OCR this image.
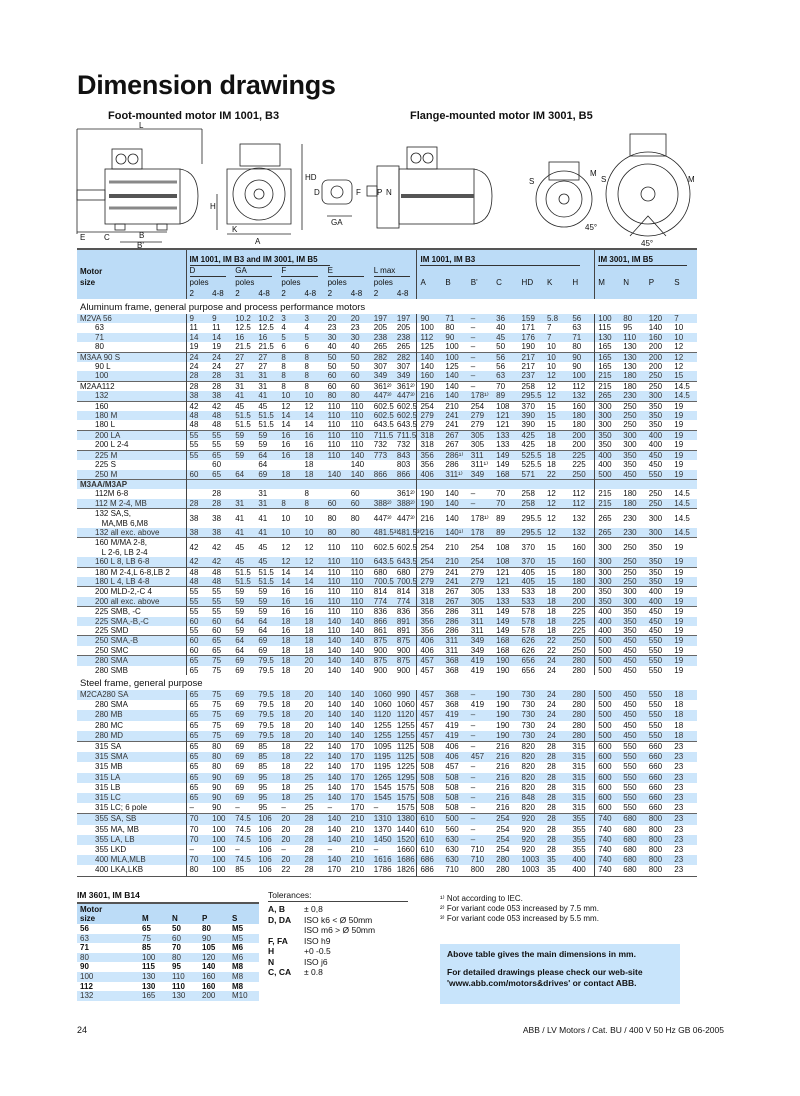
Dimension drawings
Foot-mounted motor IM 1001, B3	Flange-mounted motor IM 3001, B5
L
HD
H
E C	B
B'
K
A
D	F
GA
P N
S
M
45°
S	M
45°
	IM 1001, IM B3 and IM 3001, IM B5										IM 1001, IM B3							IM 3001, IM B5			
Motor	D		GA		F		E		L max												
size	poles		poles		poles		poles		poles		A	B	B'	C	HD	K	H	M	N	P	S
	2	4-8	2	4-8	2	4-8	2	4-8	2	4-8											
Aluminum frame, general purpose and process performance motors																					
M2VA 56	9	9	10.2	10.2	3	3	20	20	197	197	90	71	–	36	159	5.8	56	100	80	120	7
63	11	11	12.5	12.5	4	4	23	23	205	205	100	80	–	40	171	7	63	115	95	140	10
71	14	14	16	16	5	5	30	30	238	238	112	90	–	45	176	7	71	130	110	160	10
80	19	19	21.5	21.5	6	6	40	40	265	265	125	100	–	50	190	10	80	165	130	200	12
M3AA 90 S	24	24	27	27	8	8	50	50	282	282	140	100	–	56	217	10	90	165	130	200	12
90 L	24	24	27	27	8	8	50	50	307	307	140	125	–	56	217	10	90	165	130	200	12
100	28	28	31	31	8	8	60	60	349	349	160	140	–	63	237	12	100	215	180	250	15
M2AA112	28	28	31	31	8	8	60	60	361²⁾	361²⁾	190	140	–	70	258	12	112	215	180	250	14.5
132	38	38	41	41	10	10	80	80	447³⁾	447³⁾	216	140	178¹⁾	89	295.5	12	132	265	230	300	14.5
160	42	42	45	45	12	12	110	110	602.5	602.5	254	210	254	108	370	15	160	300	250	350	19
180 M	48	48	51.5	51.5	14	14	110	110	602.5	602.5	279	241	279	121	390	15	180	300	250	350	19
180 L	48	48	51.5	51.5	14	14	110	110	643.5	643.5	279	241	279	121	390	15	180	300	250	350	19
200 LA	55	55	59	59	16	16	110	110	711.5	711.5	318	267	305	133	425	18	200	350	300	400	19
200 L 2-4	55	55	59	59	16	16	110	110	732	732	318	267	305	133	425	18	200	350	300	400	19
225 M	55	65	59	64	16	18	110	140	773	843	356	286¹⁾	311	149	525.5	18	225	400	350	450	19
225 S		60		64		18		140		803	356	286	311¹⁾	149	525.5	18	225	400	350	450	19
250 M	60	65	64	69	18	18	140	140	866	866	406	311¹⁾	349	168	571	22	250	500	450	550	19
M3AA/M3AP																					
112M 6-8		28		31		8		60		361²⁾	190	140	–	70	258	12	112	215	180	250	14.5
112 M 2-4, MB	28	28	31	31	8	8	60	60	388²⁾	388²⁾	190	140	–	70	258	12	112	215	180	250	14.5
132 SA,S,
MA,MB 6,M8	38	38	41	41	10	10	80	80	447³⁾	447³⁾	216	140	178¹⁾	89	295.5	12	132	265	230	300	14.5
132 all exc. above	38	38	41	41	10	10	80	80	481.5³⁾	481.5³⁾	216	140¹⁾	178	89	295.5	12	132	265	230	300	14.5
160 M/MA 2-8,
L 2-6, LB 2-4	42	42	45	45	12	12	110	110	602.5	602.5	254	210	254	108	370	15	160	300	250	350	19
160 L 8, LB 6-8	42	42	45	45	12	12	110	110	643.5	643.5	254	210	254	108	370	15	160	300	250	350	19
180 M 2-4,L 6-8,LB 2	48	48	51.5	51.5	14	14	110	110	680	680	279	241	279	121	405	15	180	300	250	350	19
180 L 4, LB 4-8	48	48	51.5	51.5	14	14	110	110	700.5	700.5	279	241	279	121	405	15	180	300	250	350	19
200 MLD-2,-C 4	55	55	59	59	16	16	110	110	814	814	318	267	305	133	533	18	200	350	300	400	19
200 all exc. above	55	55	59	59	16	16	110	110	774	774	318	267	305	133	533	18	200	350	300	400	19
225 SMB, -C	55	55	59	59	16	16	110	110	836	836	356	286	311	149	578	18	225	400	350	450	19
225 SMA,-B,-C	60	60	64	64	18	18	140	140	866	891	356	286	311	149	578	18	225	400	350	450	19
225 SMD	55	60	59	64	16	18	110	140	861	891	356	286	311	149	578	18	225	400	350	450	19
250 SMA,-B	60	65	64	69	18	18	140	140	875	875	406	311	349	168	626	22	250	500	450	550	19
250 SMC	60	65	64	69	18	18	140	140	900	900	406	311	349	168	626	22	250	500	450	550	19
280 SMA	65	75	69	79.5	18	20	140	140	875	875	457	368	419	190	656	24	280	500	450	550	19
280 SMB	65	75	69	79.5	18	20	140	140	900	900	457	368	419	190	656	24	280	500	450	550	19
Steel frame, general purpose																					
M2CA280 SA	65	75	69	79.5	18	20	140	140	1060	990	457	368	–	190	730	24	280	500	450	550	18
280 SMA	65	75	69	79.5	18	20	140	140	1060	1060	457	368	419	190	730	24	280	500	450	550	18
280 MB	65	75	69	79.5	18	20	140	140	1120	1120	457	419	–	190	730	24	280	500	450	550	18
280 MC	65	75	69	79.5	18	20	140	140	1255	1255	457	419	–	190	730	24	280	500	450	550	18
280 MD	65	75	69	79.5	18	20	140	140	1255	1255	457	419	–	190	730	24	280	500	450	550	18
315 SA	65	80	69	85	18	22	140	170	1095	1125	508	406	–	216	820	28	315	600	550	660	23
315 SMA	65	80	69	85	18	22	140	170	1195	1125	508	406	457	216	820	28	315	600	550	660	23
315 MB	65	80	69	85	18	22	140	170	1195	1225	508	457	–	216	820	28	315	600	550	660	23
315 LA	65	90	69	95	18	25	140	170	1265	1295	508	508	–	216	820	28	315	600	550	660	23
315 LB	65	90	69	95	18	25	140	170	1545	1575	508	508	–	216	820	28	315	600	550	660	23
315 LC	65	90	69	95	18	25	140	170	1545	1575	508	508	–	216	848	28	315	600	550	660	23
315 LC; 6 pole	–	90	–	95	–	25	–	170	–	1575	508	508	–	216	820	28	315	600	550	660	23
355 SA, SB	70	100	74.5	106	20	28	140	210	1310	1380	610	500	–	254	920	28	355	740	680	800	23
355 MA, MB	70	100	74.5	106	20	28	140	210	1370	1440	610	560	–	254	920	28	355	740	680	800	23
355 LA, LB	70	100	74.5	106	20	28	140	210	1450	1520	610	630	–	254	920	28	355	740	680	800	23
355 LKD	–	100	–	106	–	28	–	210	–	1660	610	630	710	254	920	28	355	740	680	800	23
400 MLA,MLB	70	100	74.5	106	20	28	140	210	1616	1686	686	630	710	280	1003	35	400	740	680	800	23
400 LKA,LKB	80	100	85	106	22	28	170	210	1786	1826	686	710	800	280	1003	35	400	740	680	800	23
IM 3601, IM B14
Motor
size	M	N	P	S
56	65	50	80	M5
63	75	60	90	M5
71	85	70	105	M6
80	100	80	120	M6
90	115	95	140	M8
100	130	110	160	M8
112	130	110	160	M8
132	165	130	200	M10
Tolerances:
A, B	± 0,8
D, DA	ISO k6 < Ø 50mm
ISO m6 > Ø 50mm
F, FA	ISO h9
H	+0 -0.5
N	ISO j6
C, CA	± 0.8
¹⁾ Not according to IEC.
²⁾ For variant code 053 increased by 7.5 mm.
³⁾ For variant code 053 increased by 5.5 mm.

Above table gives the main dimensions in mm.

For detailed drawings please check our web-site 'www.abb.com/motors&drives' or contact ABB.

24	ABB / LV Motors / Cat. BU / 400 V 50 Hz GB 06-2005
